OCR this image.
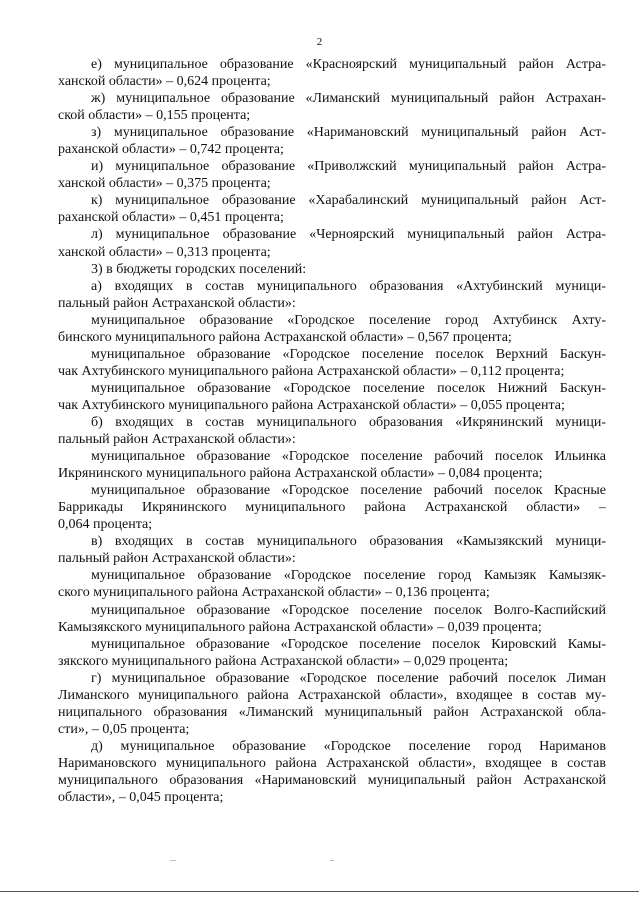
2
е) муниципальное образование «Красноярский муниципальный район Астра-
ханской области» – 0,624 процента;
ж) муниципальное образование «Лиманский муниципальный район Астрахан-
ской области» – 0,155 процента;
з) муниципальное образование «Наримановский муниципальный район Аст-
раханской области» – 0,742 процента;
и) муниципальное образование «Приволжский муниципальный район Астра-
ханской области» – 0,375 процента;
к) муниципальное образование «Харабалинский муниципальный район Аст-
раханской области» – 0,451 процента;
л) муниципальное образование «Черноярский муниципальный район Астра-
ханской области» – 0,313 процента;
3) в бюджеты городских поселений:
а) входящих в состав муниципального образования «Ахтубинский муници-
пальный район Астраханской области»:
муниципальное образование «Городское поселение город Ахтубинск Ахту-
бинского муниципального района Астраханской области» – 0,567 процента;
муниципальное образование «Городское поселение поселок Верхний Баскун-
чак Ахтубинского муниципального района Астраханской области» – 0,112 процента;
муниципальное образование «Городское поселение поселок Нижний Баскун-
чак Ахтубинского муниципального района Астраханской области» – 0,055 процента;
б) входящих в состав муниципального образования «Икрянинский муници-
пальный район Астраханской области»:
муниципальное образование «Городское поселение рабочий поселок Ильинка
Икрянинского муниципального района Астраханской области» – 0,084 процента;
муниципальное образование «Городское поселение рабочий поселок Красные
Баррикады Икрянинского муниципального района Астраханской области» –
0,064 процента;
в) входящих в состав муниципального образования «Камызякский муници-
пальный район Астраханской области»:
муниципальное образование «Городское поселение город Камызяк Камызяк-
ского муниципального района Астраханской области» – 0,136 процента;
муниципальное образование «Городское поселение поселок Волго-Каспийский
Камызякского муниципального района Астраханской области» – 0,039 процента;
муниципальное образование «Городское поселение поселок Кировский Камы-
зякского муниципального района Астраханской области» – 0,029 процента;
г) муниципальное образование «Городское поселение рабочий поселок Лиман
Лиманского муниципального района Астраханской области», входящее в состав му-
ниципального образования «Лиманский муниципальный район Астраханской обла-
сти», – 0,05 процента;
д) муниципальное образование «Городское поселение город Нариманов
Наримановского муниципального района Астраханской области», входящее в состав
муниципального образования «Наримановский муниципальный район Астраханской
области», – 0,045 процента;
